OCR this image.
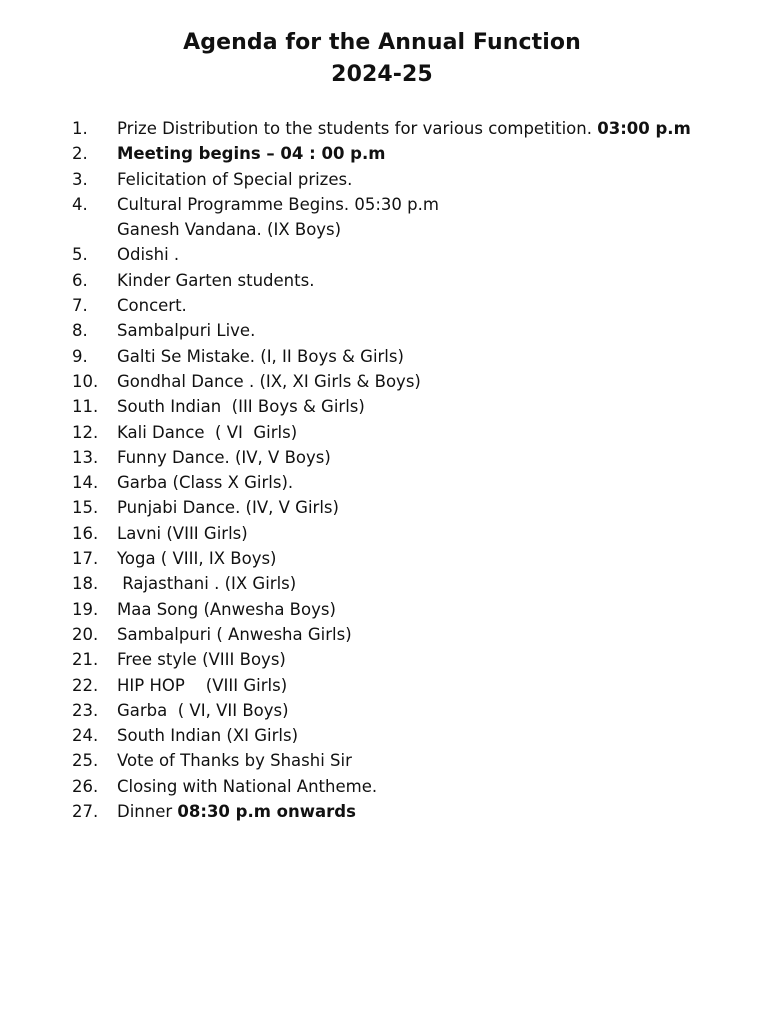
Agenda for the Annual Function
2024-25
1. Prize Distribution to the students for various competition. 03:00 p.m
2. Meeting begins – 04 : 00 p.m
3. Felicitation of Special prizes.
4. Cultural Programme Begins. 05:30 p.m
Ganesh Vandana. (IX Boys)
5. Odishi .
6. Kinder Garten students.
7. Concert.
8. Sambalpuri Live.
9. Galti Se Mistake. (I, II Boys & Girls)
10. Gondhal Dance . (IX, XI Girls & Boys)
11. South Indian  (III Boys & Girls)
12. Kali Dance  ( VI  Girls)
13. Funny Dance. (IV, V Boys)
14. Garba (Class X Girls).
15. Punjabi Dance. (IV, V Girls)
16. Lavni (VIII Girls)
17. Yoga ( VIII, IX Boys)
18. Rajasthani . (IX Girls)
19. Maa Song (Anwesha Boys)
20. Sambalpuri ( Anwesha Girls)
21. Free style (VIII Boys)
22. HIP HOP    (VIII Girls)
23. Garba  ( VI, VII Boys)
24. South Indian (XI Girls)
25. Vote of Thanks by Shashi Sir
26. Closing with National Antheme.
27. Dinner 08:30 p.m onwards
